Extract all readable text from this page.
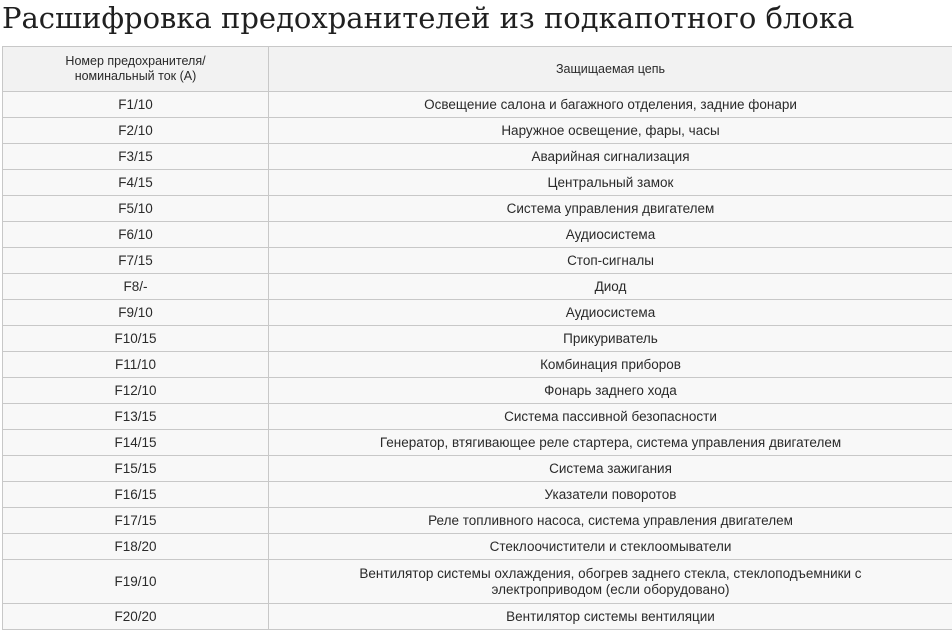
Расшифровка предохранителей из подкапотного блока
Номер предохранителя/
номинальный ток (А)	Защищаемая цепь
F1/10	Освещение салона и багажного отделения, задние фонари
F2/10	Наружное освещение, фары, часы
F3/15	Аварийная сигнализация
F4/15	Центральный замок
F5/10	Система управления двигателем
F6/10	Аудиосистема
F7/15	Стоп-сигналы
F8/-	Диод
F9/10	Аудиосистема
F10/15	Прикуриватель
F11/10	Комбинация приборов
F12/10	Фонарь заднего хода
F13/15	Система пассивной безопасности
F14/15	Генератор, втягивающее реле стартера, система управления двигателем
F15/15	Система зажигания
F16/15	Указатели поворотов
F17/15	Реле топливного насоса, система управления двигателем
F18/20	Стеклоочистители и стеклоомыватели
F19/10	Вентилятор системы охлаждения, обогрев заднего стекла, стеклоподъемники с
электроприводом (если оборудовано)
F20/20	Вентилятор системы вентиляции
